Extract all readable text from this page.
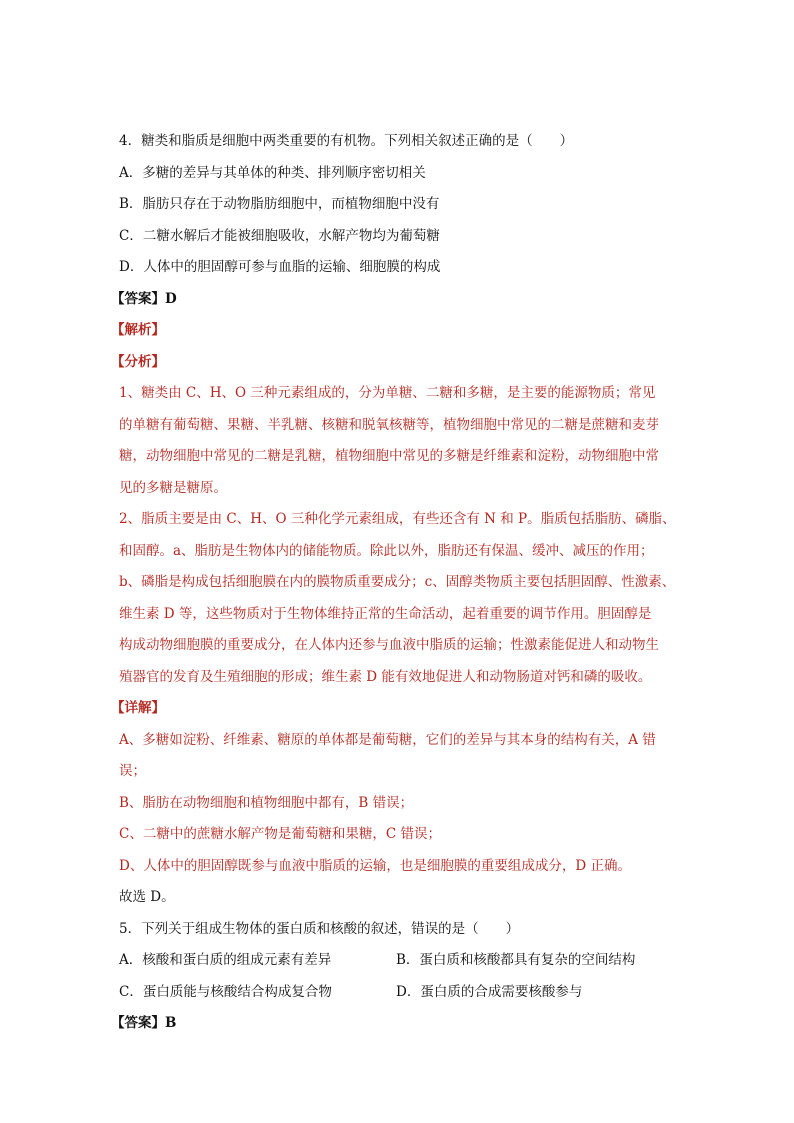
4．糖类和脂质是细胞中两类重要的有机物。下列相关叙述正确的是（　　）
A．多糖的差异与其单体的种类、排列顺序密切相关
B．脂肪只存在于动物脂肪细胞中，而植物细胞中没有
C．二糖水解后才能被细胞吸收，水解产物均为葡萄糖
D．人体中的胆固醇可参与血脂的运输、细胞膜的构成
【答案】D
【解析】
【分析】
1、糖类由 C、H、O 三种元素组成的，分为单糖、二糖和多糖，是主要的能源物质；常见
的单糖有葡萄糖、果糖、半乳糖、核糖和脱氧核糖等，植物细胞中常见的二糖是蔗糖和麦芽
糖，动物细胞中常见的二糖是乳糖，植物细胞中常见的多糖是纤维素和淀粉，动物细胞中常
见的多糖是糖原。
2、脂质主要是由 C、H、O 三种化学元素组成，有些还含有 N 和 P。脂质包括脂肪、磷脂、
和固醇。a、脂肪是生物体内的储能物质。除此以外，脂肪还有保温、缓冲、减压的作用；
b、磷脂是构成包括细胞膜在内的膜物质重要成分；c、固醇类物质主要包括胆固醇、性激素、
维生素 D 等，这些物质对于生物体维持正常的生命活动，起着重要的调节作用。胆固醇是
构成动物细胞膜的重要成分，在人体内还参与血液中脂质的运输；性激素能促进人和动物生
殖器官的发育及生殖细胞的形成；维生素 D 能有效地促进人和动物肠道对钙和磷的吸收。
【详解】
A、多糖如淀粉、纤维素、糖原的单体都是葡萄糖，它们的差异与其本身的结构有关，A 错
误；
B、脂肪在动物细胞和植物细胞中都有，B 错误；
C、二糖中的蔗糖水解产物是葡萄糖和果糖，C 错误；
D、人体中的胆固醇既参与血液中脂质的运输，也是细胞膜的重要组成成分，D 正确。
故选 D。
5．下列关于组成生物体的蛋白质和核酸的叙述，错误的是（　　）
A．核酸和蛋白质的组成元素有差异	B．蛋白质和核酸都具有复杂的空间结构
C．蛋白质能与核酸结合构成复合物	D．蛋白质的合成需要核酸参与
【答案】B
